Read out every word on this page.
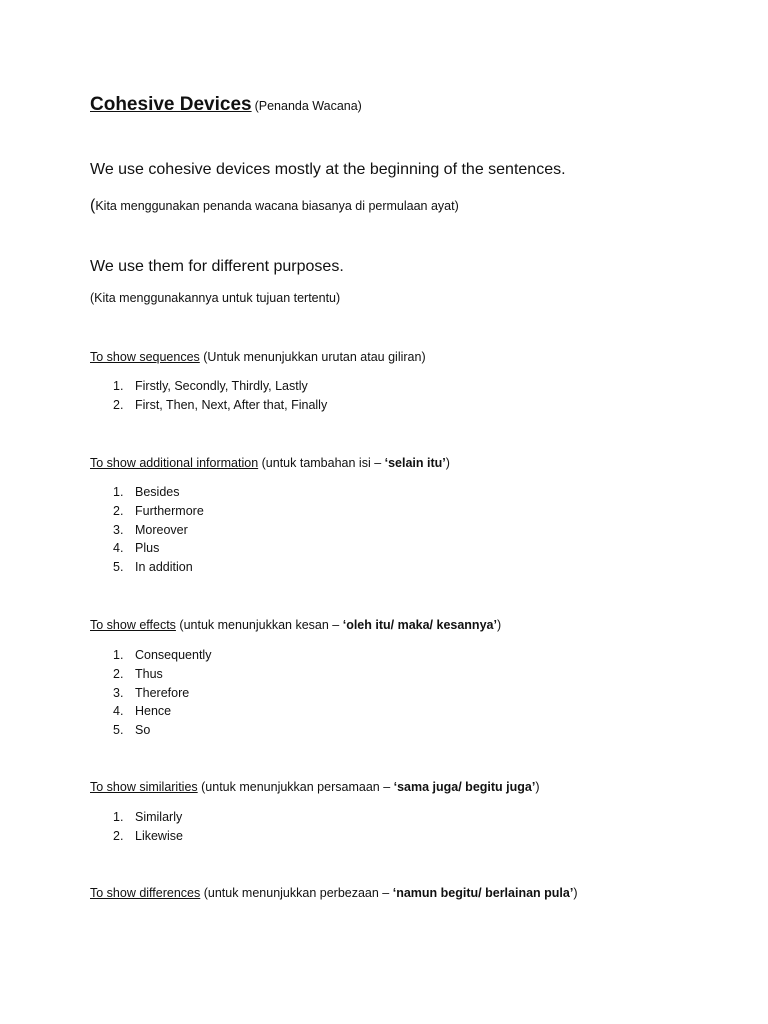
Cohesive Devices (Penanda Wacana)
We use cohesive devices mostly at the beginning of the sentences.
(Kita menggunakan penanda wacana biasanya di permulaan ayat)
We use them for different purposes.
(Kita menggunakannya untuk tujuan tertentu)
To show sequences (Untuk menunjukkan urutan atau giliran)
1. Firstly, Secondly, Thirdly, Lastly
2. First, Then, Next, After that, Finally
To show additional information (untuk tambahan isi – ‘selain itu’)
1. Besides
2. Furthermore
3. Moreover
4. Plus
5. In addition
To show effects (untuk menunjukkan kesan – ‘oleh itu/ maka/ kesannya’)
1. Consequently
2. Thus
3. Therefore
4. Hence
5. So
To show similarities (untuk menunjukkan persamaan – ‘sama juga/ begitu juga’)
1. Similarly
2. Likewise
To show differences (untuk menunjukkan perbezaan – ‘namun begitu/ berlainan pula’)
